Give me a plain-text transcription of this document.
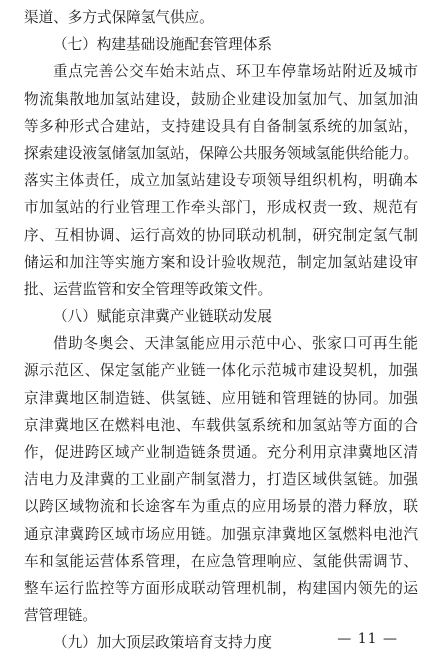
渠道、多方式保障氢气供应。
（七）构建基础设施配套管理体系
重点完善公交车始末站点、环卫车停靠场站附近及城市
物流集散地加氢站建设，鼓励企业建设加氢加气、加氢加油
等多种形式合建站，支持建设具有自备制氢系统的加氢站，
探索建设液氢储氢加氢站，保障公共服务领域氢能供给能力。
落实主体责任，成立加氢站建设专项领导组织机构，明确本
市加氢站的行业管理工作牵头部门，形成权责一致、规范有
序、互相协调、运行高效的协同联动机制，研究制定氢气制
储运和加注等实施方案和设计验收规范，制定加氢站建设审
批、运营监管和安全管理等政策文件。
（八）赋能京津冀产业链联动发展
借助冬奥会、天津氢能应用示范中心、张家口可再生能
源示范区、保定氢能产业链一体化示范城市建设契机，加强
京津冀地区制造链、供氢链、应用链和管理链的协同。加强
京津冀地区在燃料电池、车载供氢系统和加氢站等方面的合
作，促进跨区域产业制造链条贯通。充分利用京津冀地区清
洁电力及津冀的工业副产制氢潜力，打造区域供氢链。加强
以跨区域物流和长途客车为重点的应用场景的潜力释放，联
通京津冀跨区域市场应用链。加强京津冀地区氢燃料电池汽
车和氢能运营体系管理，在应急管理响应、氢能供需调节、
整车运行监控等方面形成联动管理机制，构建国内领先的运
营管理链。
（九）加大顶层政策培育支持力度	— 11 —
